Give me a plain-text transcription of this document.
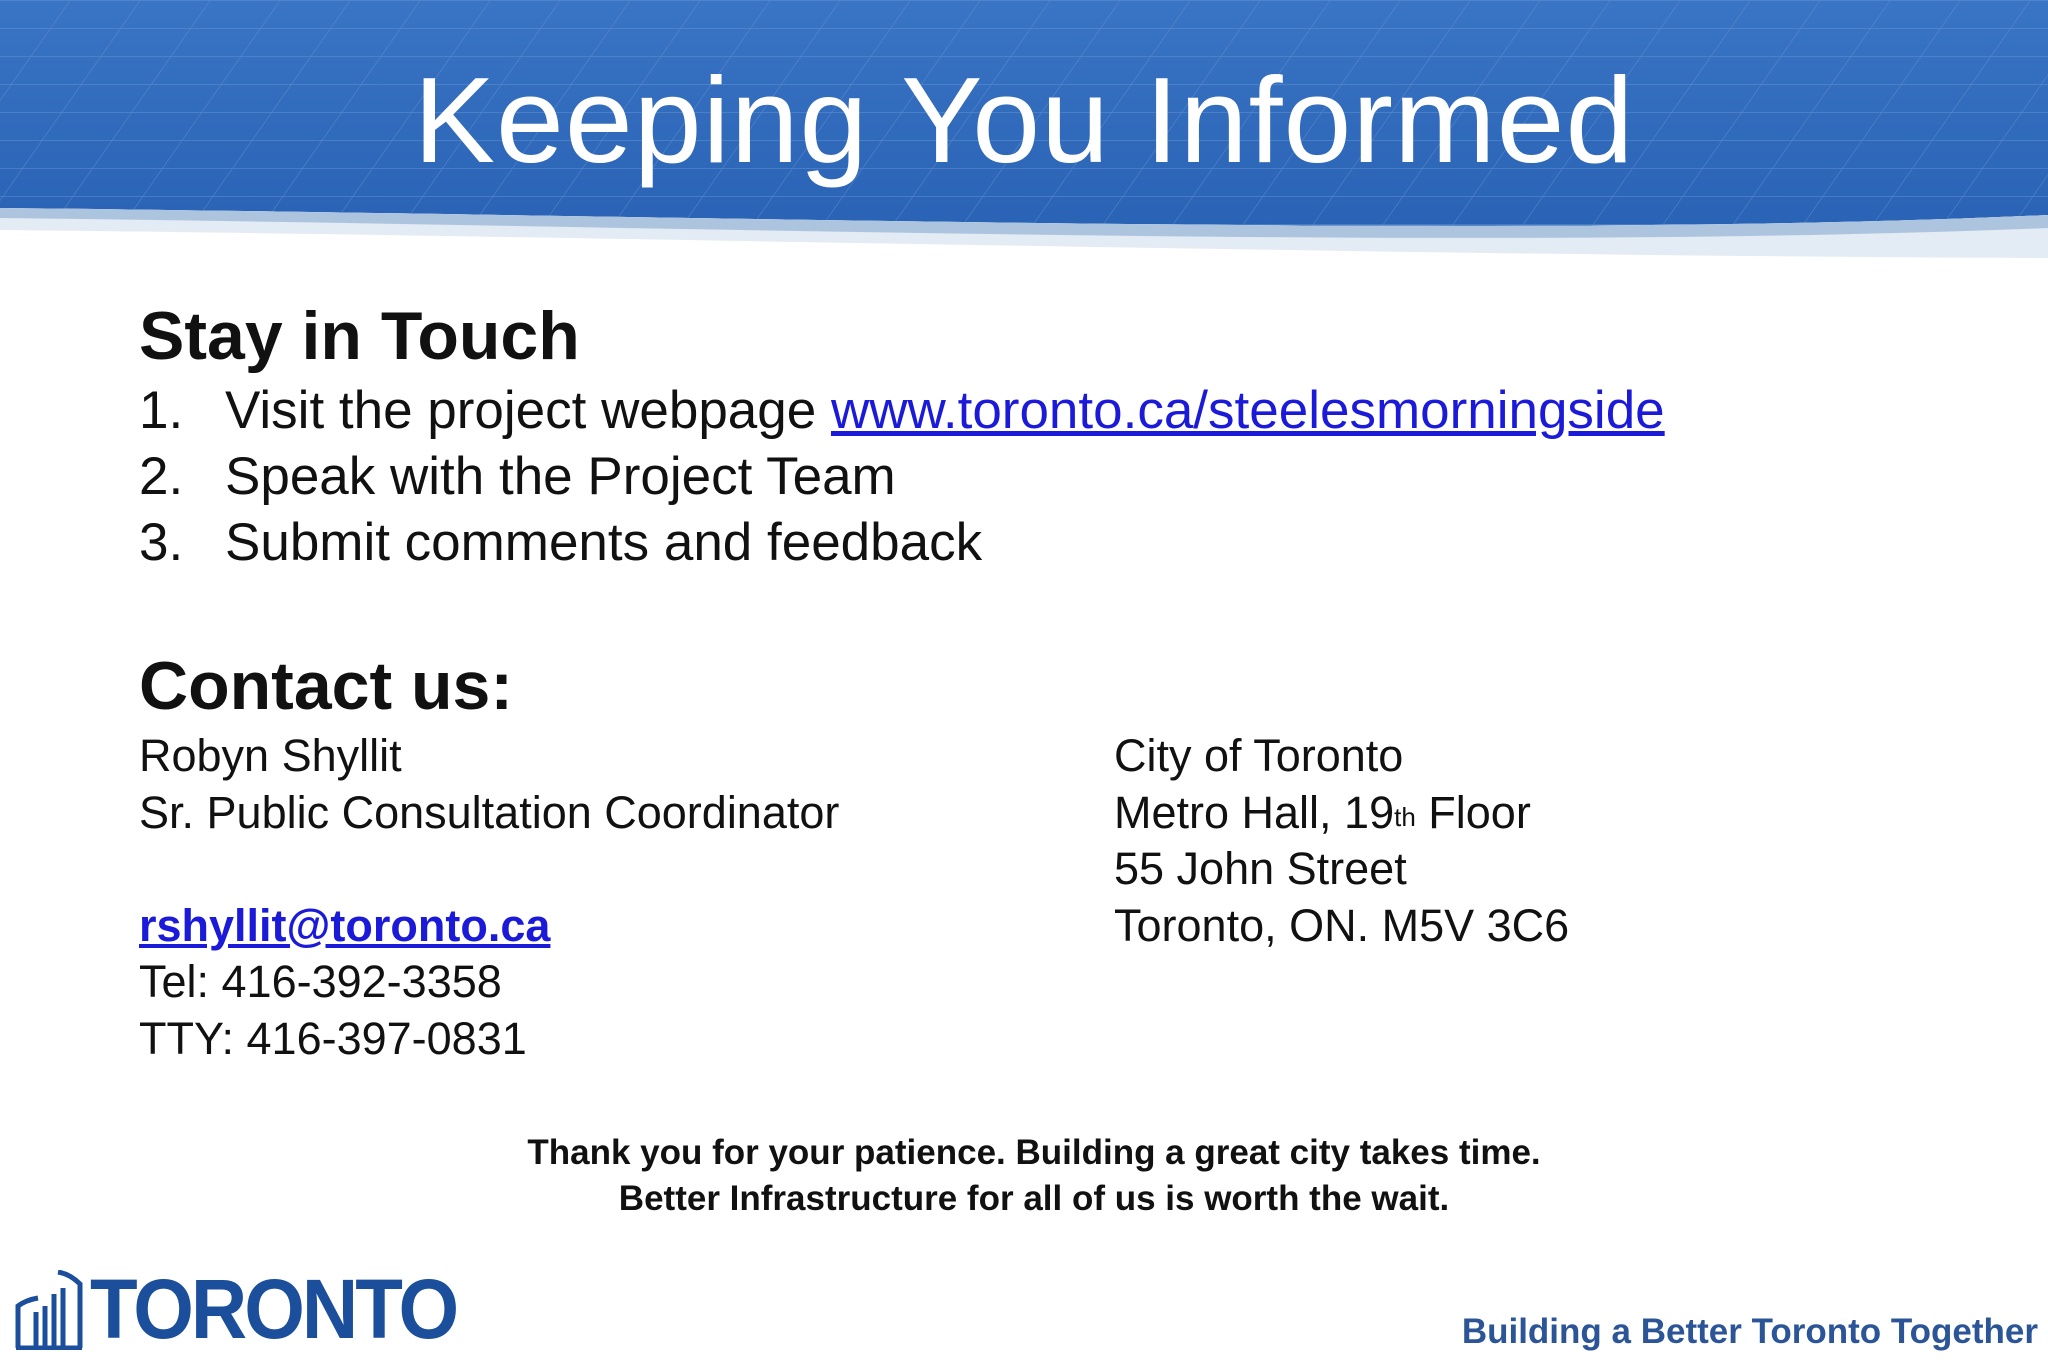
Keeping You Informed
Stay in Touch
1. Visit the project webpage www.toronto.ca/steelesmorningside
2. Speak with the Project Team
3. Submit comments and feedback
Contact us:
Robyn Shyllit
Sr. Public Consultation Coordinator
rshyllit@toronto.ca
Tel: 416-392-3358
TTY: 416-397-0831
City of Toronto
Metro Hall, 19th Floor
55 John Street
Toronto, ON. M5V 3C6
Thank you for your patience. Building a great city takes time.
Better Infrastructure for all of us is worth the wait.
TORONTO	Building a Better Toronto Together
